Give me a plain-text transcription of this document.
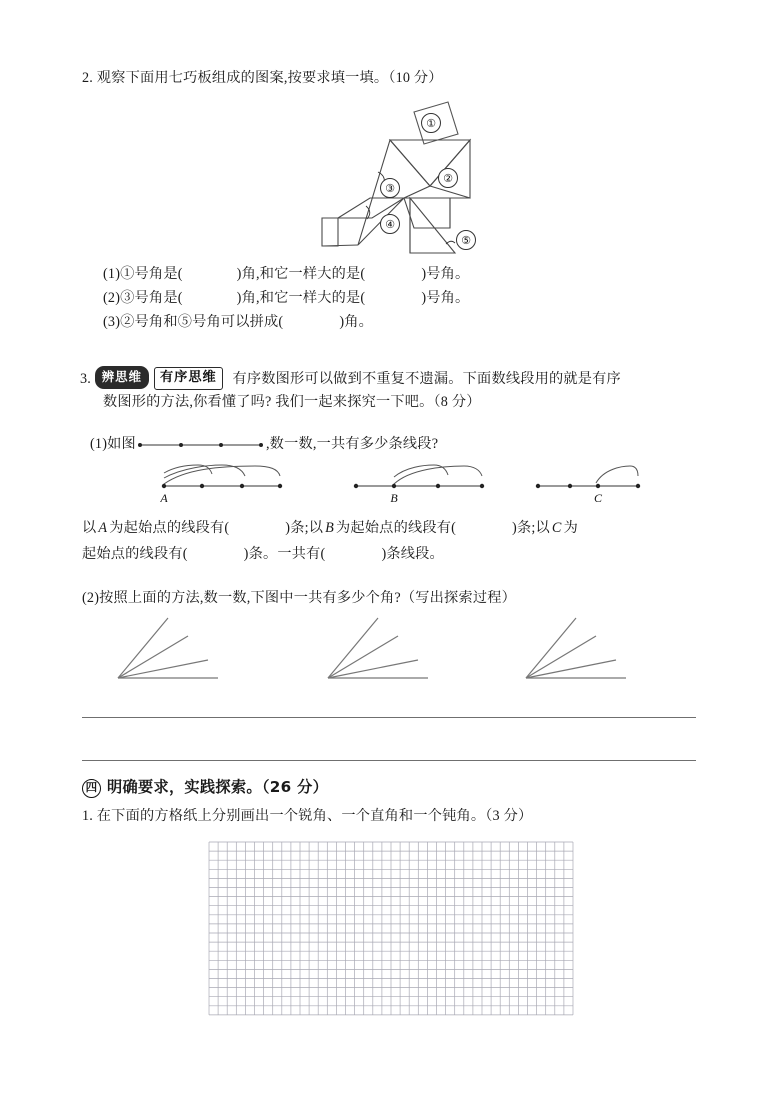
2. 观察下面用七巧板组成的图案,按要求填一填。（10 分）
①
②
③
④
⑤
(1)①号角是(	)角,和它一样大的是(	)号角。
(2)③号角是(	)角,和它一样大的是(	)号角。
(3)②号角和⑤号角可以拼成(	)角。
3. 辨思维 有序思维 有序数图形可以做到不重复不遗漏。下面数线段用的就是有序
数图形的方法,你看懂了吗? 我们一起来探究一下吧。（8 分）
(1)如图	,数一数,一共有多少条线段?
A	B	C
以 A 为起始点的线段有(	)条;以 B 为起始点的线段有(	)条;以 C 为
起始点的线段有(	)条。一共有(	)条线段。
(2)按照上面的方法,数一数,下图中一共有多少个角?（写出探索过程）
四 明确要求，实践探索。（26 分）
1. 在下面的方格纸上分别画出一个锐角、一个直角和一个钝角。（3 分）
